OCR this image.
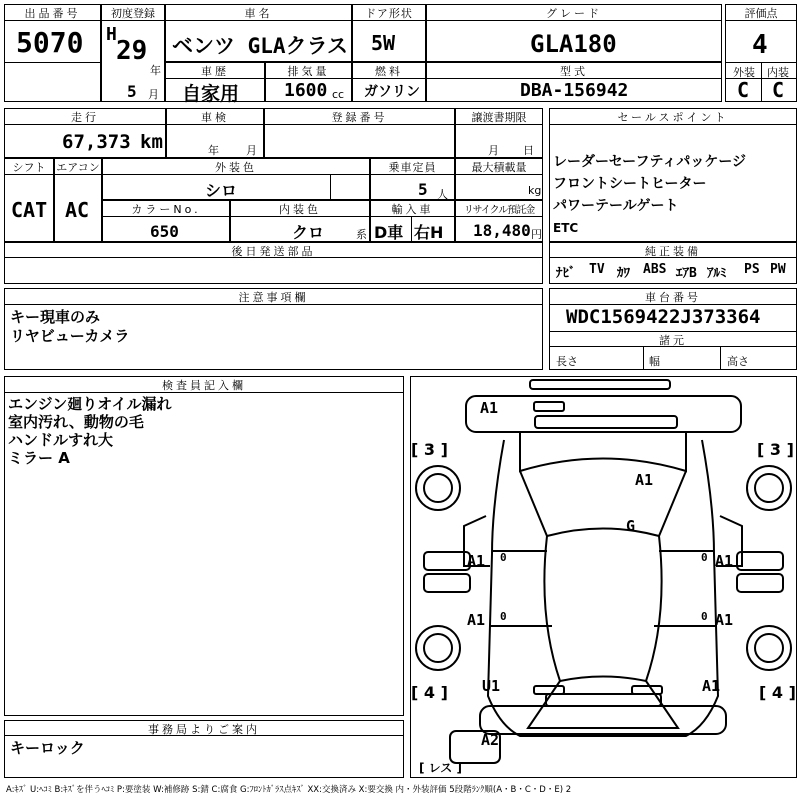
出品番号
5070
初度登録
H
29
年
5 月
車名
ベンツ GLAクラス
ドア形状
5W
グレード
GLA180
評価点
4
外装 内装
C C
車歴
自家用
排気量
1600 cc
燃料
ガソリン
型式
DBA-156942
走行
67,373 km
車検
年 月
登録番号	譲渡書期限
月 日
セールスポイント
レーダーセーフティパッケージ
フロントシートヒーター
パワーテールゲート
ETC
シフト
CAT
エアコン
AC
外装色
シロ
乗車定員
5 人
最大積載量
kg
カラーNo.
650
内装色
クロ	系
輸入車
D車 右H
リサイクル預託金
18,480 円
後日発送部品	純正装備
ﾅﾋﾞ TV ｶﾜ ABS ｴｱB ｱﾙﾐ PS PW
注意事項欄
キー現車のみ
リヤビューカメラ
車台番号
WDC1569422J373364
諸元
長さ	幅	高さ
検査員記入欄
エンジン廻りオイル漏れ
室内汚れ、動物の毛
ハンドルすれ大
ミラー A
事務局よりご案内
キーロック
A1
A1
G
A1	A1
A1	A1
U1	A1
A2
0	0
0	0
[ 3 ]	[ 3 ]
[ 4 ]	[ 4 ]
[ レス ]
A:ｷｽﾞ U:ﾍｺﾐ B:ｷｽﾞを伴うﾍｺﾐ P:要塗装 W:補修跡 S:錆 C:腐食 G:ﾌﾛﾝﾄｶﾞﾗｽ点ｷｽﾞ XX:交換済み X:要交換 内・外装評価 5段階ﾗﾝｸ順(A・B・C・D・E) 2
